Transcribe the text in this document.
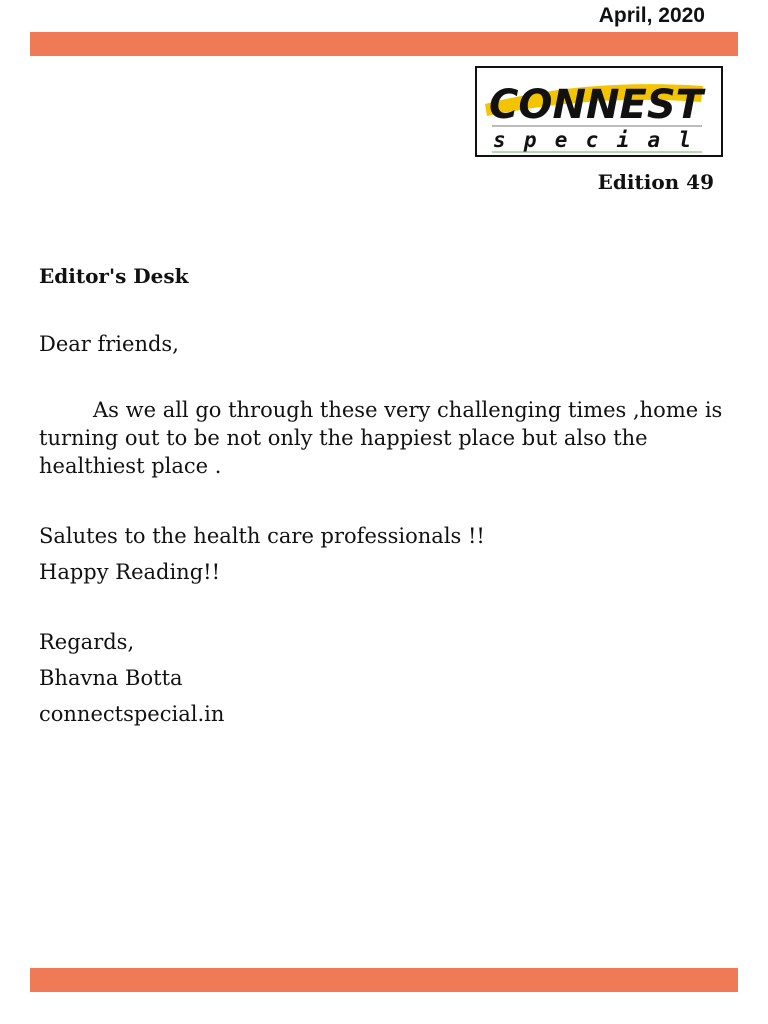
April, 2020
CONNEST
special
Edition 49

Editor's Desk

Dear friends,

As we all go through these very challenging times ,home is turning out to be not only the happiest place but also the healthiest place .

Salutes to the health care professionals !!

Happy Reading!!

Regards,

Bhavna Botta

connectspecial.in
